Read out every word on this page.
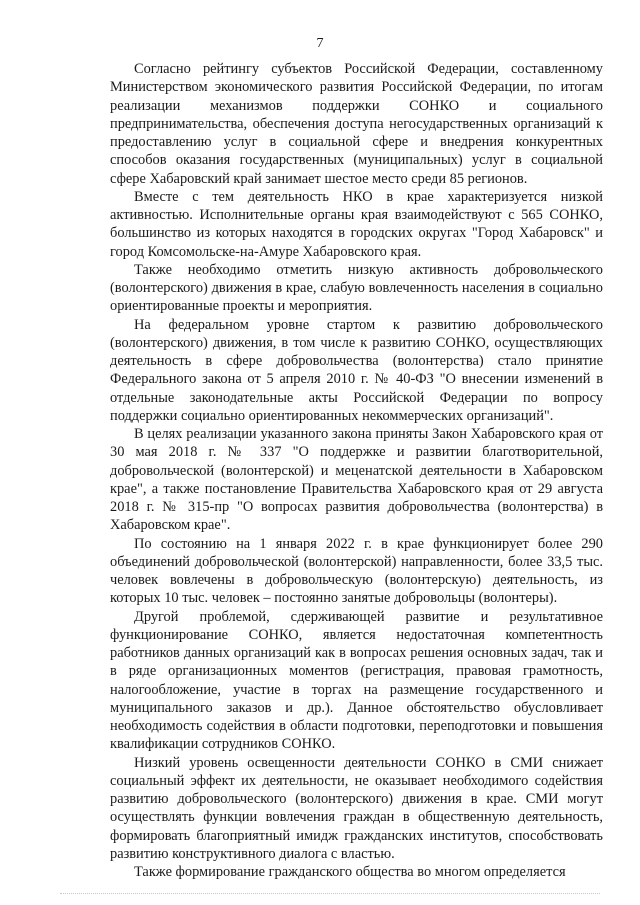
7

Согласно рейтингу субъектов Российской Федерации, составленному Министерством экономического развития Российской Федерации, по итогам реализации механизмов поддержки СОНКО и социального предпринимательства, обеспечения доступа негосударственных организаций к предоставлению услуг в социальной сфере и внедрения конкурентных способов оказания государственных (муниципальных) услуг в социальной сфере Хабаровский край занимает шестое место среди 85 регионов.

Вместе с тем деятельность НКО в крае характеризуется низкой активностью. Исполнительные органы края взаимодействуют с 565 СОНКО, большинство из которых находятся в городских округах "Город Хабаровск" и город Комсомольске-на-Амуре Хабаровского края.

Также необходимо отметить низкую активность добровольческого (волонтерского) движения в крае, слабую вовлеченность населения в социально ориентированные проекты и мероприятия.

На федеральном уровне стартом к развитию добровольческого (волонтерского) движения, в том числе к развитию СОНКО, осуществляющих деятельность в сфере добровольчества (волонтерства) стало принятие Федерального закона от 5 апреля 2010 г. № 40-ФЗ "О внесении изменений в отдельные законодательные акты Российской Федерации по вопросу поддержки социально ориентированных некоммерческих организаций".

В целях реализации указанного закона приняты Закон Хабаровского края от 30 мая 2018 г. № 337 "О поддержке и развитии благотворительной, добровольческой (волонтерской) и меценатской деятельности в Хабаровском крае", а также постановление Правительства Хабаровского края от 29 августа 2018 г. № 315-пр "О вопросах развития добровольчества (волонтерства) в Хабаровском крае".

По состоянию на 1 января 2022 г. в крае функционирует более 290 объединений добровольческой (волонтерской) направленности, более 33,5 тыс. человек вовлечены в добровольческую (волонтерскую) деятельность, из которых 10 тыс. человек – постоянно занятые добровольцы (волонтеры).

Другой проблемой, сдерживающей развитие и результативное функционирование СОНКО, является недостаточная компетентность работников данных организаций как в вопросах решения основных задач, так и в ряде организационных моментов (регистрация, правовая грамотность, налогообложение, участие в торгах на размещение государственного и муниципального заказов и др.). Данное обстоятельство обусловливает необходимость содействия в области подготовки, переподготовки и повышения квалификации сотрудников СОНКО.

Низкий уровень освещенности деятельности СОНКО в СМИ снижает социальный эффект их деятельности, не оказывает необходимого содействия развитию добровольческого (волонтерского) движения в крае. СМИ могут осуществлять функции вовлечения граждан в общественную деятельность, формировать благоприятный имидж гражданских институтов, способствовать развитию конструктивного диалога с властью.

Также формирование гражданского общества во многом определяется
